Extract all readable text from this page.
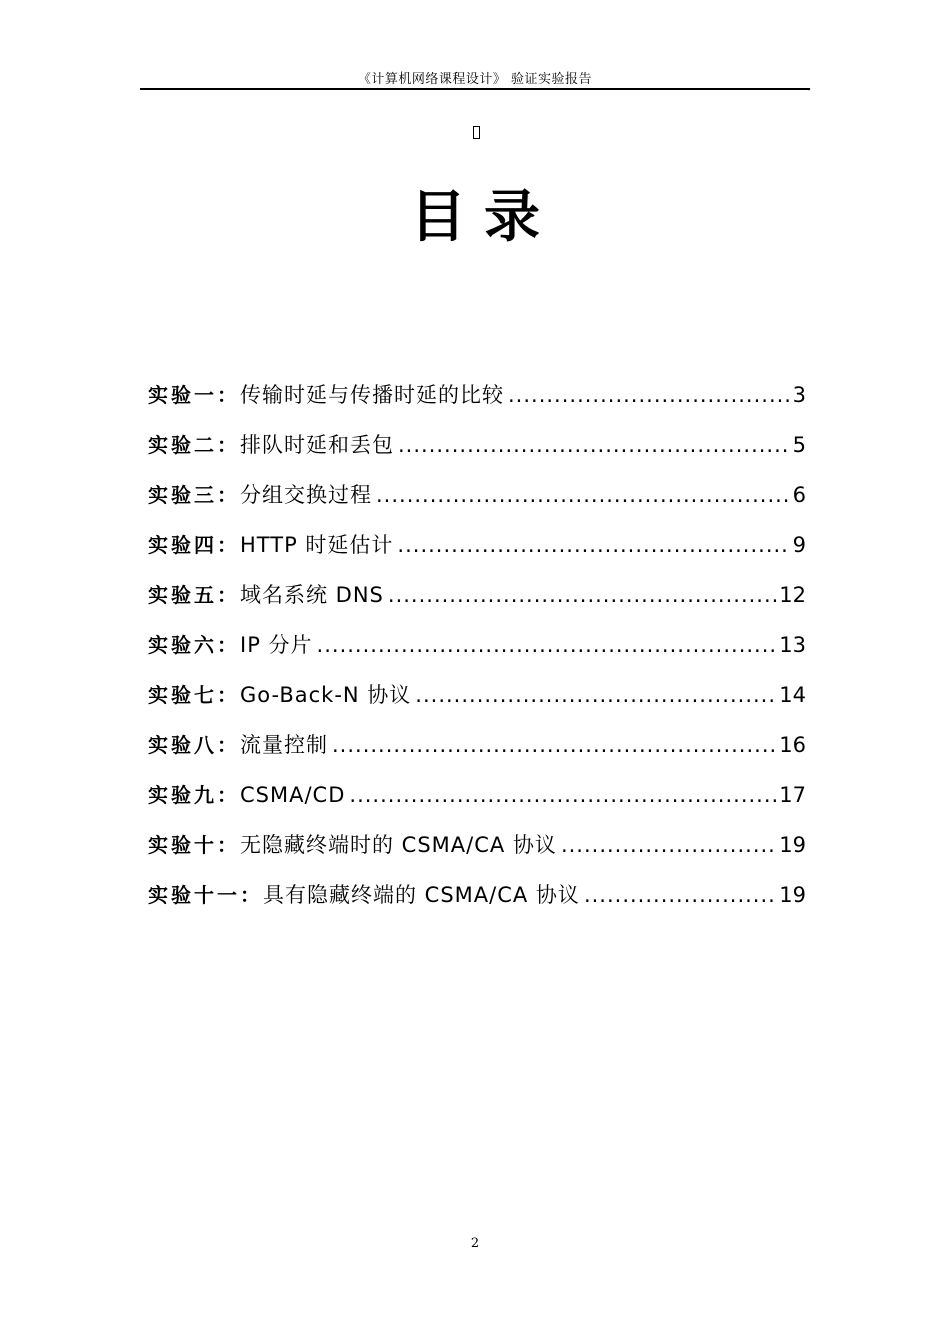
《计算机网络课程设计》 验证实验报告	,
目录
实验一： 传输时延与传播时延的比较 .....	3
实验二： 排队时延和丢包 .....	5
实验三： 分组交换过程 .....	6
实验四： HTTP 时延估计 .....	9
实验五： 域名系统 DNS .....	12
实验六： IP 分片 .....	13
实验七： Go-Back-N 协议 .....	14
实验八： 流量控制 .....	16
实验九： CSMA/CD .....	17
实验十： 无隐藏终端时的 CSMA/CA 协议 .....	19
实验十一： 具有隐藏终端的 CSMA/CA 协议 .....	19
2
